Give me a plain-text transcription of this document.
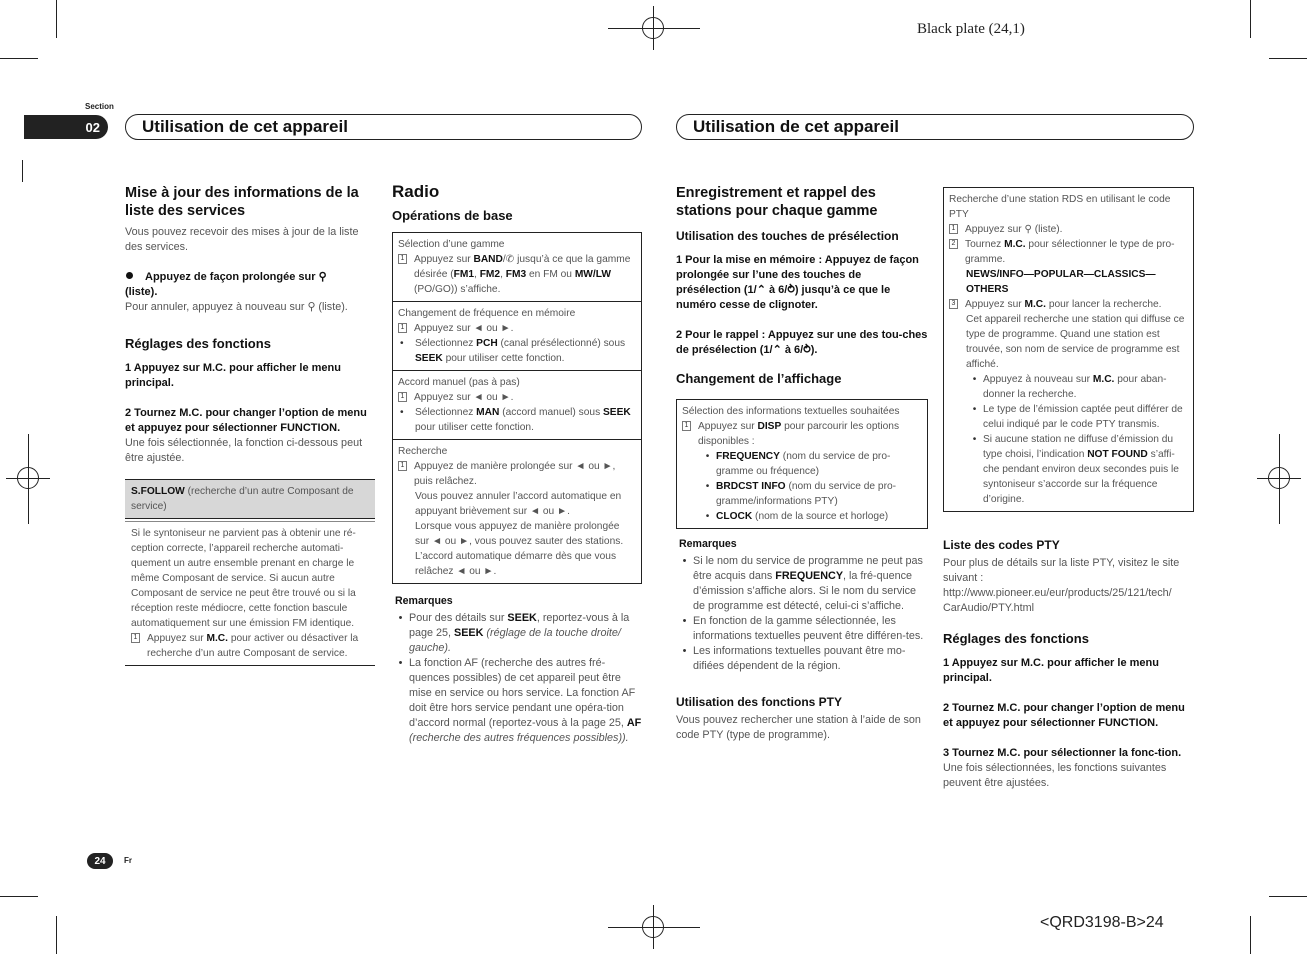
Black plate (24,1)
Section
02	Utilisation de cet appareil	Utilisation de cet appareil
Mise à jour des informations de la liste des services

Vous pouvez recevoir des mises à jour de la liste des services.

Appuyez de façon prolongée sur ⚲
(liste).

Pour annuler, appuyez à nouveau sur ⚲ (liste).

Réglages des fonctions

1 Appuyez sur M.C. pour afficher le menu principal.

2 Tournez M.C. pour changer l’option de menu et appuyez pour sélectionner FUNCTION.

Une fois sélectionnée, la fonction ci-dessous peut être ajustée.

S.FOLLOW (recherche d’un autre Composant de service)
Si le syntoniseur ne parvient pas à obtenir une ré-ception correcte, l’appareil recherche automati-quement un autre ensemble prenant en charge le même Composant de service. Si aucun autre Composant de service ne peut être trouvé ou si la réception reste médiocre, cette fonction bascule automatiquement sur une émission FM identique.
1 Appuyez sur M.C. pour activer ou désactiver la recherche d’un autre Composant de service.
Radio
Opérations de base
Sélection d’une gamme
1 Appuyez sur BAND/✆ jusqu’à ce que la gamme désirée (FM1, FM2, FM3 en FM ou MW/LW (PO/GO)) s’affiche.
Changement de fréquence en mémoire
1 Appuyez sur ◄ ou ►.
•	Sélectionnez PCH (canal présélectionné) sous SEEK pour utiliser cette fonction.
Accord manuel (pas à pas)
1 Appuyez sur ◄ ou ►.
•	Sélectionnez MAN (accord manuel) sous SEEK pour utiliser cette fonction.
Recherche
1 Appuyez de manière prolongée sur ◄ ou ►, puis relâchez.
Vous pouvez annuler l’accord automatique en appuyant brièvement sur ◄ ou ►.
Lorsque vous appuyez de manière prolongée sur ◄ ou ►, vous pouvez sauter des stations. L’accord automatique démarre dès que vous relâchez ◄ ou ►.
Remarques
• Pour des détails sur SEEK, reportez-vous à la page 25, SEEK (réglage de la touche droite/ gauche).
• La fonction AF (recherche des autres fré-quences possibles) de cet appareil peut être mise en service ou hors service. La fonction AF doit être hors service pendant une opéra-tion d’accord normal (reportez-vous à la page 25, AF (recherche des autres fréquences possibles)).
Enregistrement et rappel des stations pour chaque gamme
Utilisation des touches de présélection

1 Pour la mise en mémoire : Appuyez de façon prolongée sur l’une des touches de présélection (1/⌃ à 6/⥁) jusqu’à ce que le numéro cesse de clignoter.

2 Pour le rappel : Appuyez sur une des tou-ches de présélection (1/⌃ à 6/⥁).

Changement de l’affichage
Sélection des informations textuelles souhaitées
1 Appuyez sur DISP pour parcourir les options disponibles :
• FREQUENCY (nom du service de pro-gramme ou fréquence)
• BRDCST INFO (nom du service de pro-gramme/informations PTY)
• CLOCK (nom de la source et horloge)
Remarques
• Si le nom du service de programme ne peut pas être acquis dans FREQUENCY, la fré-quence d’émission s’affiche alors. Si le nom du service de programme est détecté, celui-ci s’affiche.
• En fonction de la gamme sélectionnée, les informations textuelles peuvent être différen-tes.
• Les informations textuelles pouvant être mo-difiées dépendent de la région.
Utilisation des fonctions PTY

Vous pouvez rechercher une station à l’aide de son code PTY (type de programme).

Recherche d’une station RDS en utilisant le code PTY
1 Appuyez sur ⚲ (liste).
2 Tournez M.C. pour sélectionner le type de pro-gramme.
NEWS/INFO—POPULAR—CLASSICS—OTHERS
3 Appuyez sur M.C. pour lancer la recherche.
Cet appareil recherche une station qui diffuse ce type de programme. Quand une station est trouvée, son nom de service de programme est affiché.
• Appuyez à nouveau sur M.C. pour aban-donner la recherche.
• Le type de l’émission captée peut différer de celui indiqué par le code PTY transmis.
• Si aucune station ne diffuse d’émission du type choisi, l’indication NOT FOUND s’affi-che pendant environ deux secondes puis le syntoniseur s’accorde sur la fréquence d’origine.
Liste des codes PTY

Pour plus de détails sur la liste PTY, visitez le site suivant :

http://www.pioneer.eu/eur/products/25/121/tech/ CarAudio/PTY.html

Réglages des fonctions

1 Appuyez sur M.C. pour afficher le menu principal.

2 Tournez M.C. pour changer l’option de menu et appuyez pour sélectionner FUNCTION.

3 Tournez M.C. pour sélectionner la fonc-tion.

Une fois sélectionnées, les fonctions suivantes peuvent être ajustées.

24	Fr
<QRD3198-B>24
